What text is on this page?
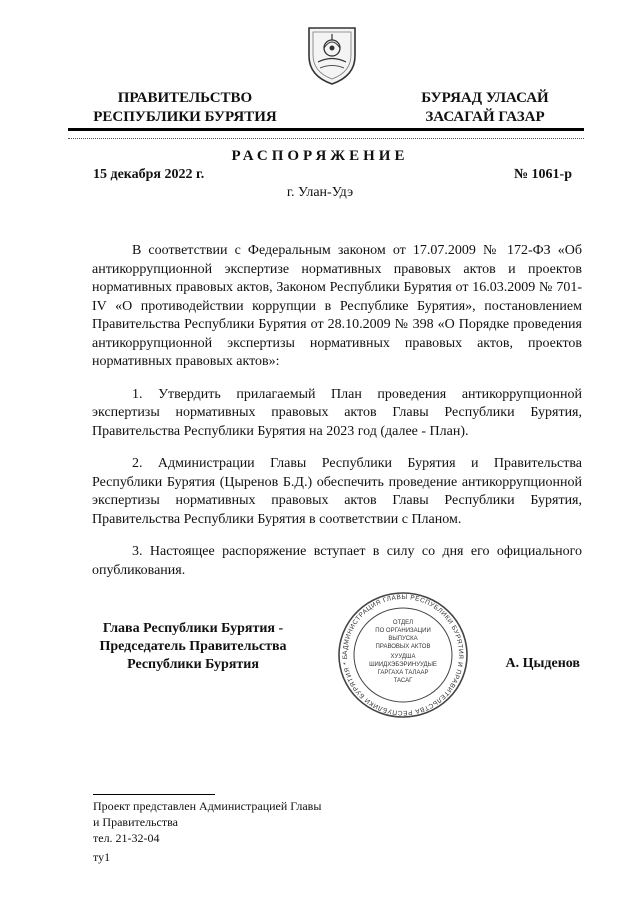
ПРАВИТЕЛЬСТВО
РЕСПУБЛИКИ БУРЯТИЯ
БУРЯАД УЛАСАЙ
ЗАСАГАЙ ГАЗАР
РАСПОРЯЖЕНИЕ
15 декабря 2022 г.	№ 1061-р
г. Улан-Удэ

В соответствии с Федеральным законом от 17.07.2009 № 172-ФЗ «Об антикоррупционной экспертизе нормативных правовых актов и проектов нормативных правовых актов, Законом Республики Бурятия от 16.03.2009 № 701-IV «О противодействии коррупции в Республике Бурятия», постановлением Правительства Республики Бурятия от 28.10.2009 № 398 «О Порядке проведения антикоррупционной экспертизы нормативных правовых актов, проектов нормативных правовых актов»:

1. Утвердить прилагаемый План проведения антикоррупционной экспертизы нормативных правовых актов Главы Республики Бурятия, Правительства Республики Бурятия на 2023 год (далее - План).

2. Администрации Главы Республики Бурятия и Правительства Республики Бурятия (Цыренов Б.Д.) обеспечить проведение антикоррупционной экспертизы нормативных правовых актов Главы Республики Бурятия, Правительства Республики Бурятия в соответствии с Планом.

3. Настоящее распоряжение вступает в силу со дня его официального опубликования.

Глава Республики Бурятия -
Председатель Правительства
Республики Бурятия
АДМИНИСТРАЦИЯ ГЛАВЫ РЕСПУБЛИКИ БУРЯТИЯ И ПРАВИТЕЛЬСТВА РЕСПУБЛИКИ БУРЯТИЯ * Б
ОТДЕЛ
ПО ОРГАНИЗАЦИИ
ВЫПУСКА
ПРАВОВЫХ АКТОВ
ХУУДША
ШИИДХЭБЭРИНУУДЫЕ
ГАРГАХА ТАЛААР
ТАСАГ
А. Цыденов
Проект представлен Администрацией Главы
и Правительства
тел. 21-32-04
ту1
